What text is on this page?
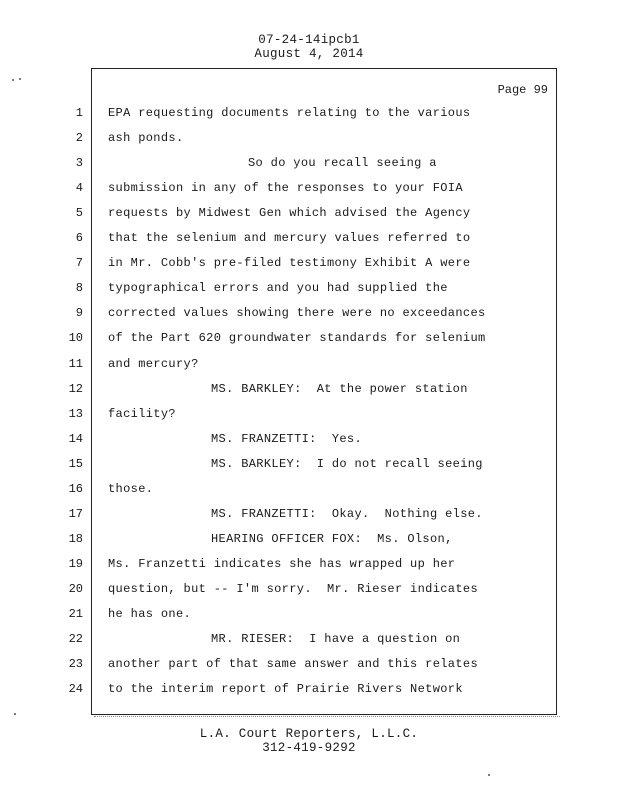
07-24-14ipcb1
August 4, 2014
Page 99
1 EPA requesting documents relating to the various
2 ash ponds.
3	So do you recall seeing a
4 submission in any of the responses to your FOIA
5 requests by Midwest Gen which advised the Agency
6 that the selenium and mercury values referred to
7 in Mr. Cobb's pre-filed testimony Exhibit A were
8 typographical errors and you had supplied the
9 corrected values showing there were no exceedances
10 of the Part 620 groundwater standards for selenium
11 and mercury?
12	MS. BARKLEY:  At the power station
13 facility?
14	MS. FRANZETTI:  Yes.
15	MS. BARKLEY:  I do not recall seeing
16 those.
17	MS. FRANZETTI:  Okay.  Nothing else.
18	HEARING OFFICER FOX:  Ms. Olson,
19 Ms. Franzetti indicates she has wrapped up her
20 question, but -- I'm sorry.  Mr. Rieser indicates
21 he has one.
22	MR. RIESER:  I have a question on
23 another part of that same answer and this relates
24 to the interim report of Prairie Rivers Network
L.A. Court Reporters, L.L.C.
312-419-9292
